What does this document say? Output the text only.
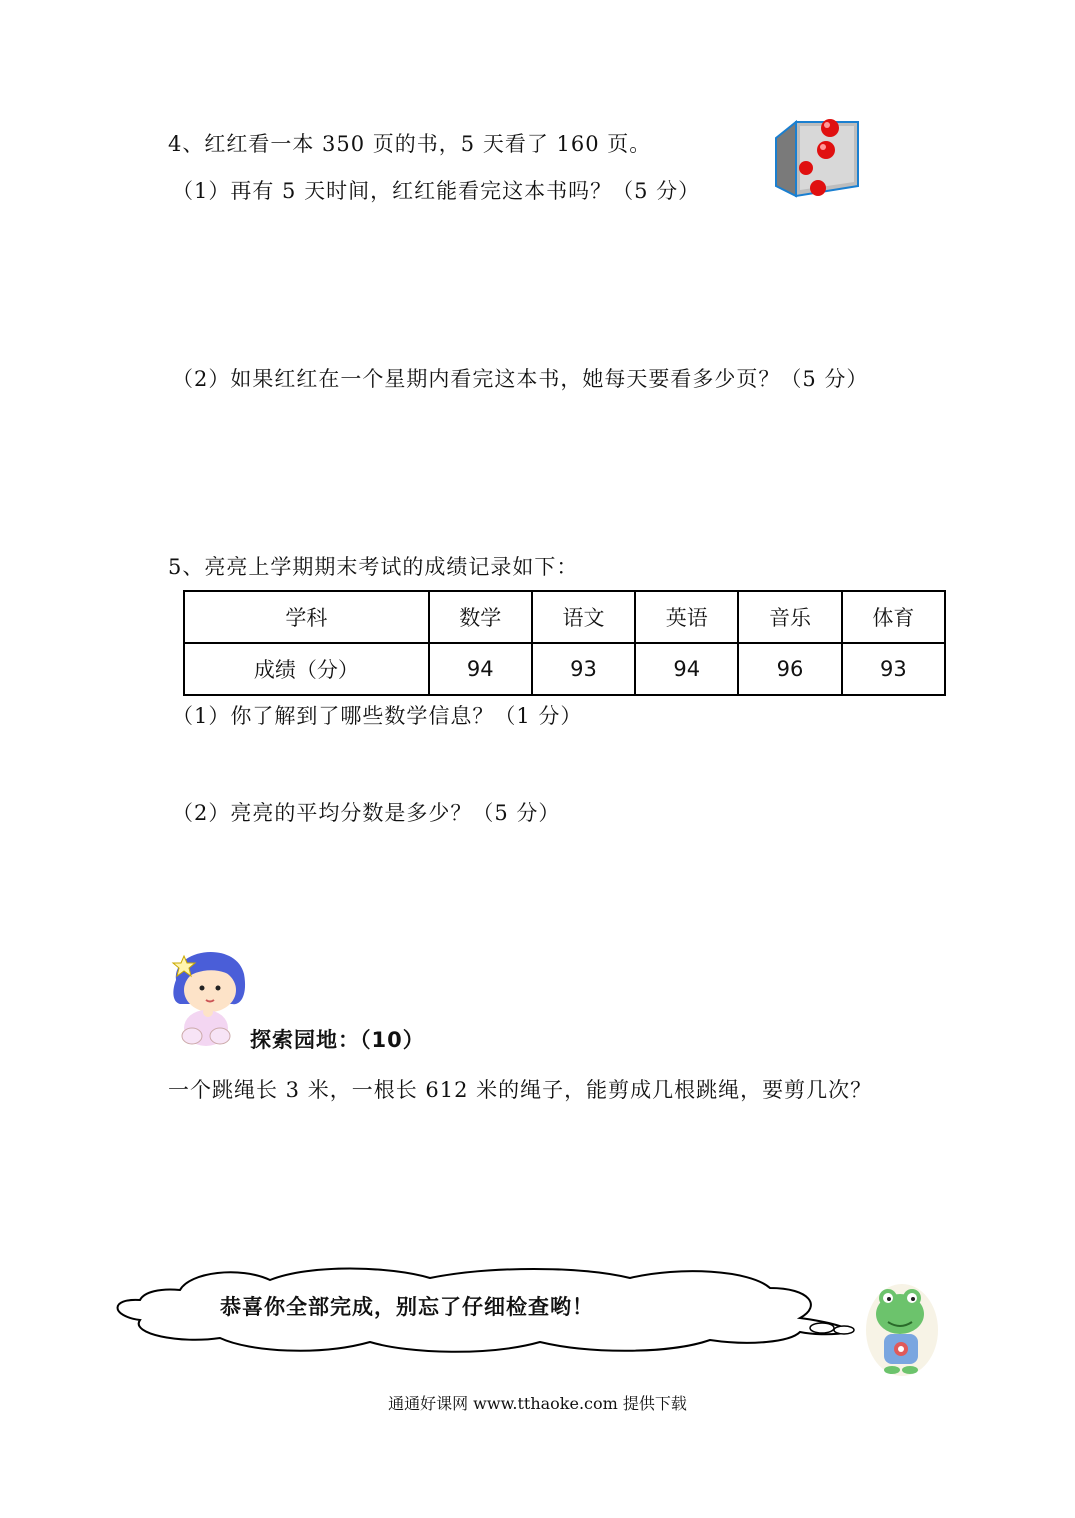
4、红红看一本 350 页的书，5 天看了 160 页。
（1）再有 5 天时间，红红能看完这本书吗？（5 分）
（2）如果红红在一个星期内看完这本书，她每天要看多少页？（5 分）
5、亮亮上学期期末考试的成绩记录如下：
学科	数学	语文	英语	音乐	体育
成绩（分）	94	93	94	96	93
（1）你了解到了哪些数学信息？（1 分）
（2）亮亮的平均分数是多少？（5 分）
探索园地：（10）
一个跳绳长 3 米，一根长 612 米的绳子，能剪成几根跳绳，要剪几次？
恭喜你全部完成，别忘了仔细检查哟！
通通好课网 www.tthaoke.com 提供下载
